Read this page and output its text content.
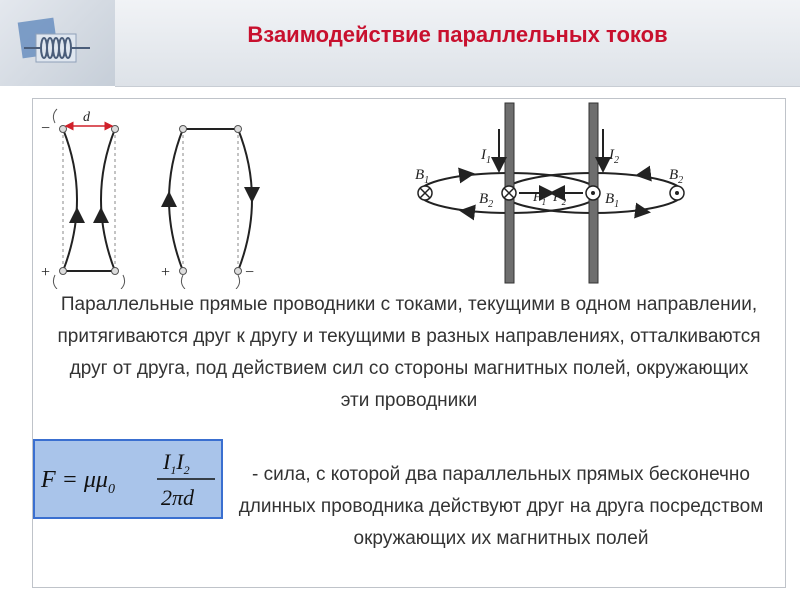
Взаимодействие параллельных токов
d
−
+	+	−
$I_1$	$I_2$
$B_1$
$B_2$	$F_1$ $F_2$	$B_1$
$B_2$
Параллельные прямые проводники с токами, текущими в одном направлении, притягиваются друг к другу и текущими в разных направлениях, отталкиваются друг от друга, под действием сил со стороны магнитных полей, окружающих эти проводники
$F = \mu\mu_0$
$I_1I_2$
2πd
- сила, с которой два параллельных прямых бесконечно длинных проводника действуют друг на друга посредством окружающих их магнитных полей
